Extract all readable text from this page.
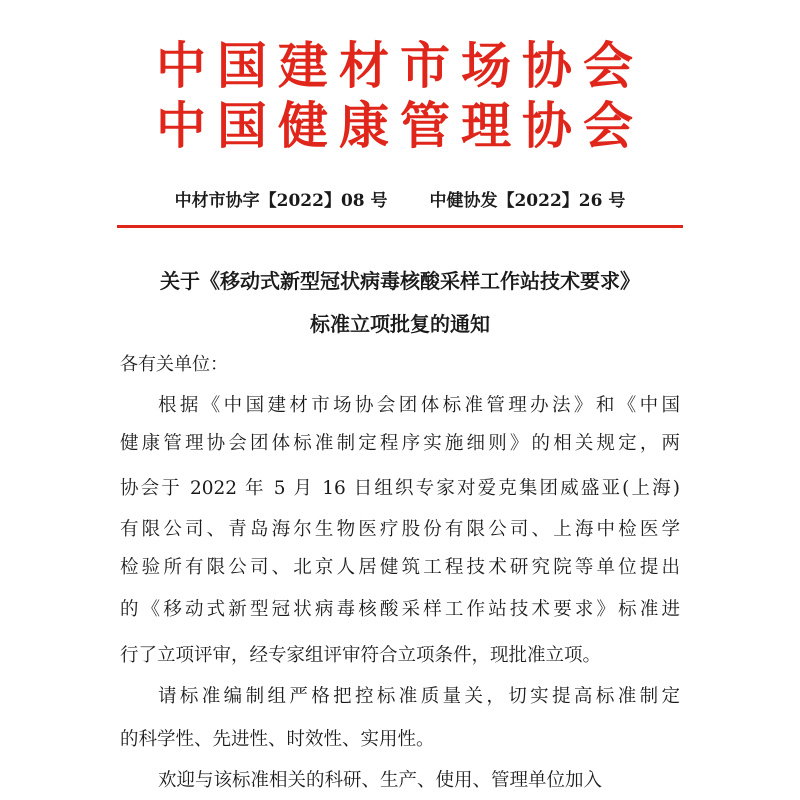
中国建材市场协会
中国健康管理协会
中材市协字【2022】08 号 中健协发【2022】26 号
关于《移动式新型冠状病毒核酸采样工作站技术要求》
标准立项批复的通知
各有关单位：
根据《中国建材市场协会团体标准管理办法》和《中国
健康管理协会团体标准制定程序实施细则》的相关规定，两
协会于 2022 年 5 月 16 日组织专家对爱克集团威盛亚(上海)
有限公司、青岛海尔生物医疗股份有限公司、上海中检医学
检验所有限公司、北京人居健筑工程技术研究院等单位提出
的《移动式新型冠状病毒核酸采样工作站技术要求》标准进
行了立项评审，经专家组评审符合立项条件，现批准立项。
请标准编制组严格把控标准质量关，切实提高标准制定
的科学性、先进性、时效性、实用性。
欢迎与该标准相关的科研、生产、使用、管理单位加入
